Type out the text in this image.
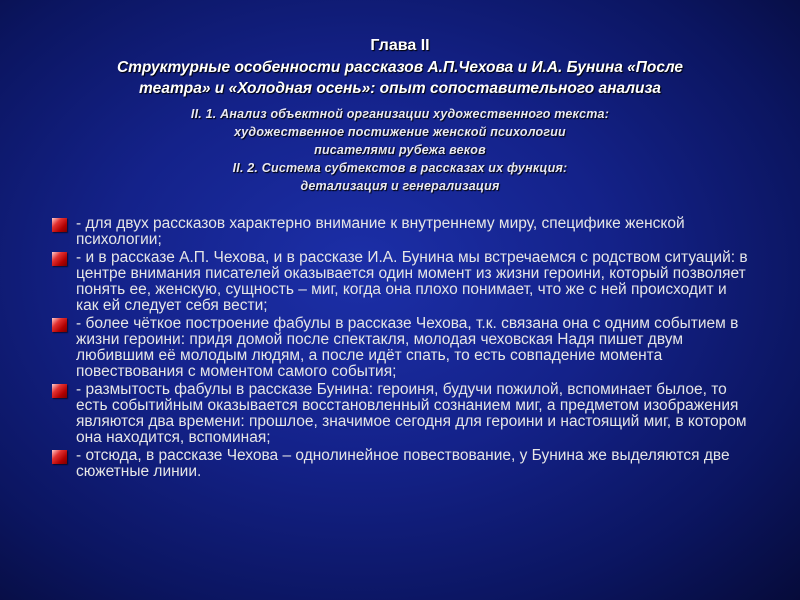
Глава II
Структурные особенности рассказов А.П.Чехова и И.А. Бунина «После
театра» и «Холодная осень»: опыт сопоставительного анализа
II. 1. Анализ объектной организации художественного текста:
художественное постижение женской психологии
писателями рубежа веков
II. 2. Система субтекстов в рассказах их функция:
детализация и генерализация
- для двух рассказов характерно внимание к внутреннему миру, специфике женской психологии;
- и в рассказе А.П. Чехова, и в рассказе И.А. Бунина мы встречаемся с родством ситуаций: в центре внимания писателей оказывается один момент из жизни героини, который позволяет понять ее, женскую, сущность – миг, когда она плохо понимает, что же с ней происходит и как ей следует себя вести;
- более чёткое построение фабулы в рассказе Чехова, т.к. связана она с одним событием в жизни героини: придя домой после спектакля, молодая чеховская Надя пишет двум любившим её молодым людям, а после идёт спать, то есть совпадение момента повествования с моментом самого события;
- размытость фабулы в рассказе Бунина: героиня, будучи пожилой, вспоминает былое, то есть событийным оказывается восстановленный сознанием миг, а предметом изображения являются два времени: прошлое, значимое сегодня для героини и настоящий миг, в котором она находится, вспоминая;
- отсюда, в рассказе Чехова – однолинейное повествование, у Бунина же выделяются две сюжетные линии.
